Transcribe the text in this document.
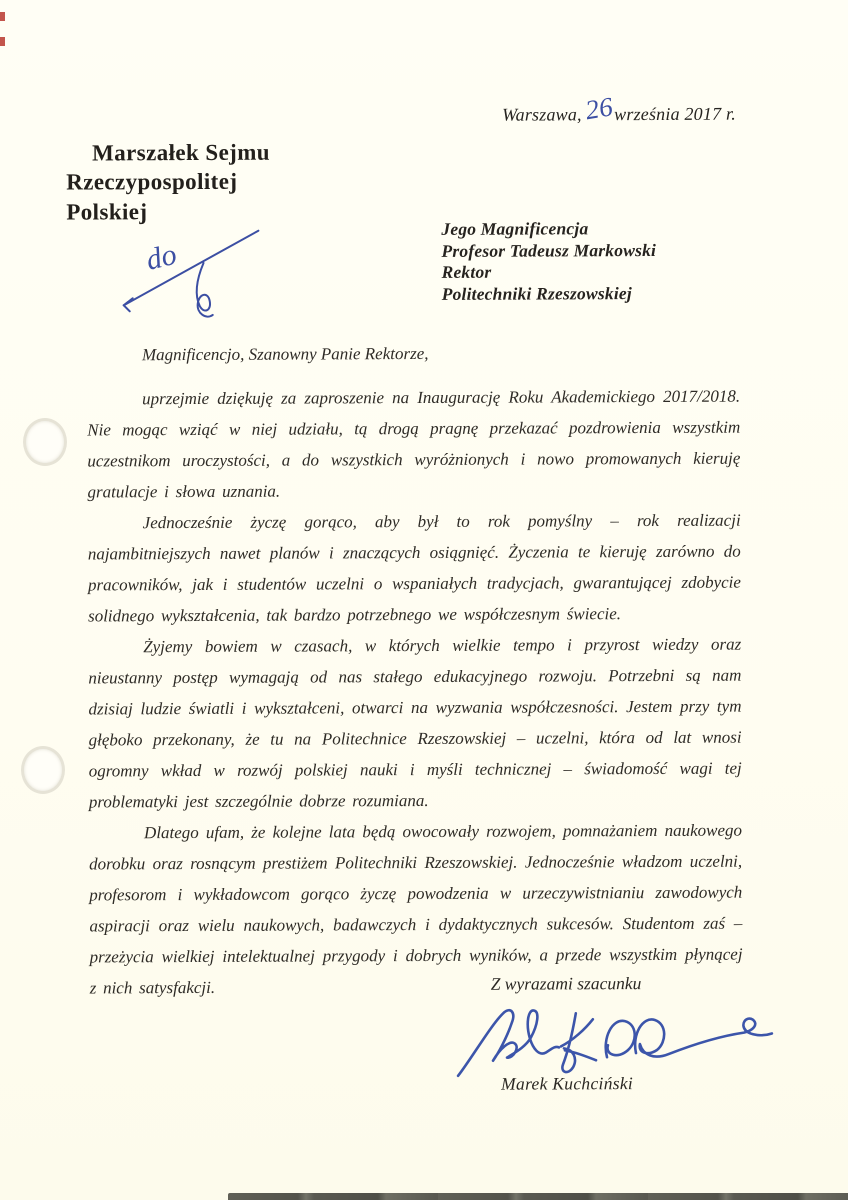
Warszawa,26września 2017 r.
Marszałek Sejmu
Rzeczypospolitej Polskiej
do
Jego Magnificencja
Profesor Tadeusz Markowski
Rektor
Politechniki Rzeszowskiej
Magnificencjo, Szanowny Panie Rektorze,

uprzejmie dziękuję za zaproszenie na Inaugurację Roku Akademickiego 2017/2018. Nie mogąc wziąć w niej udziału, tą drogą pragnę przekazać pozdrowienia wszystkim uczestnikom uroczystości, a do wszystkich wyróżnionych i nowo promowanych kieruję gratulacje i słowa uznania.

Jednocześnie życzę gorąco, aby był to rok pomyślny – rok realizacji najambitniejszych nawet planów i znaczących osiągnięć. Życzenia te kieruję zarówno do pracowników, jak i studentów uczelni o wspaniałych tradycjach, gwarantującej zdobycie solidnego wykształcenia, tak bardzo potrzebnego we współczesnym świecie.

Żyjemy bowiem w czasach, w których wielkie tempo i przyrost wiedzy oraz nieustanny postęp wymagają od nas stałego edukacyjnego rozwoju. Potrzebni są nam dzisiaj ludzie światli i wykształceni, otwarci na wyzwania współczesności. Jestem przy tym głęboko przekonany, że tu na Politechnice Rzeszowskiej – uczelni, która od lat wnosi ogromny wkład w rozwój polskiej nauki i myśli technicznej – świadomość wagi tej problematyki jest szczególnie dobrze rozumiana.

Dlatego ufam, że kolejne lata będą owocowały rozwojem, pomnażaniem naukowego dorobku oraz rosnącym prestiżem Politechniki Rzeszowskiej. Jednocześnie władzom uczelni, profesorom i wykładowcom gorąco życzę powodzenia w urzeczywistnianiu zawodowych aspiracji oraz wielu naukowych, badawczych i dydaktycznych sukcesów. Studentom zaś – przeżycia wielkiej intelektualnej przygody i dobrych wyników, a przede wszystkim płynącej z nich satysfakcji.	Z wyrazami szacunku
Marek Kuchciński
